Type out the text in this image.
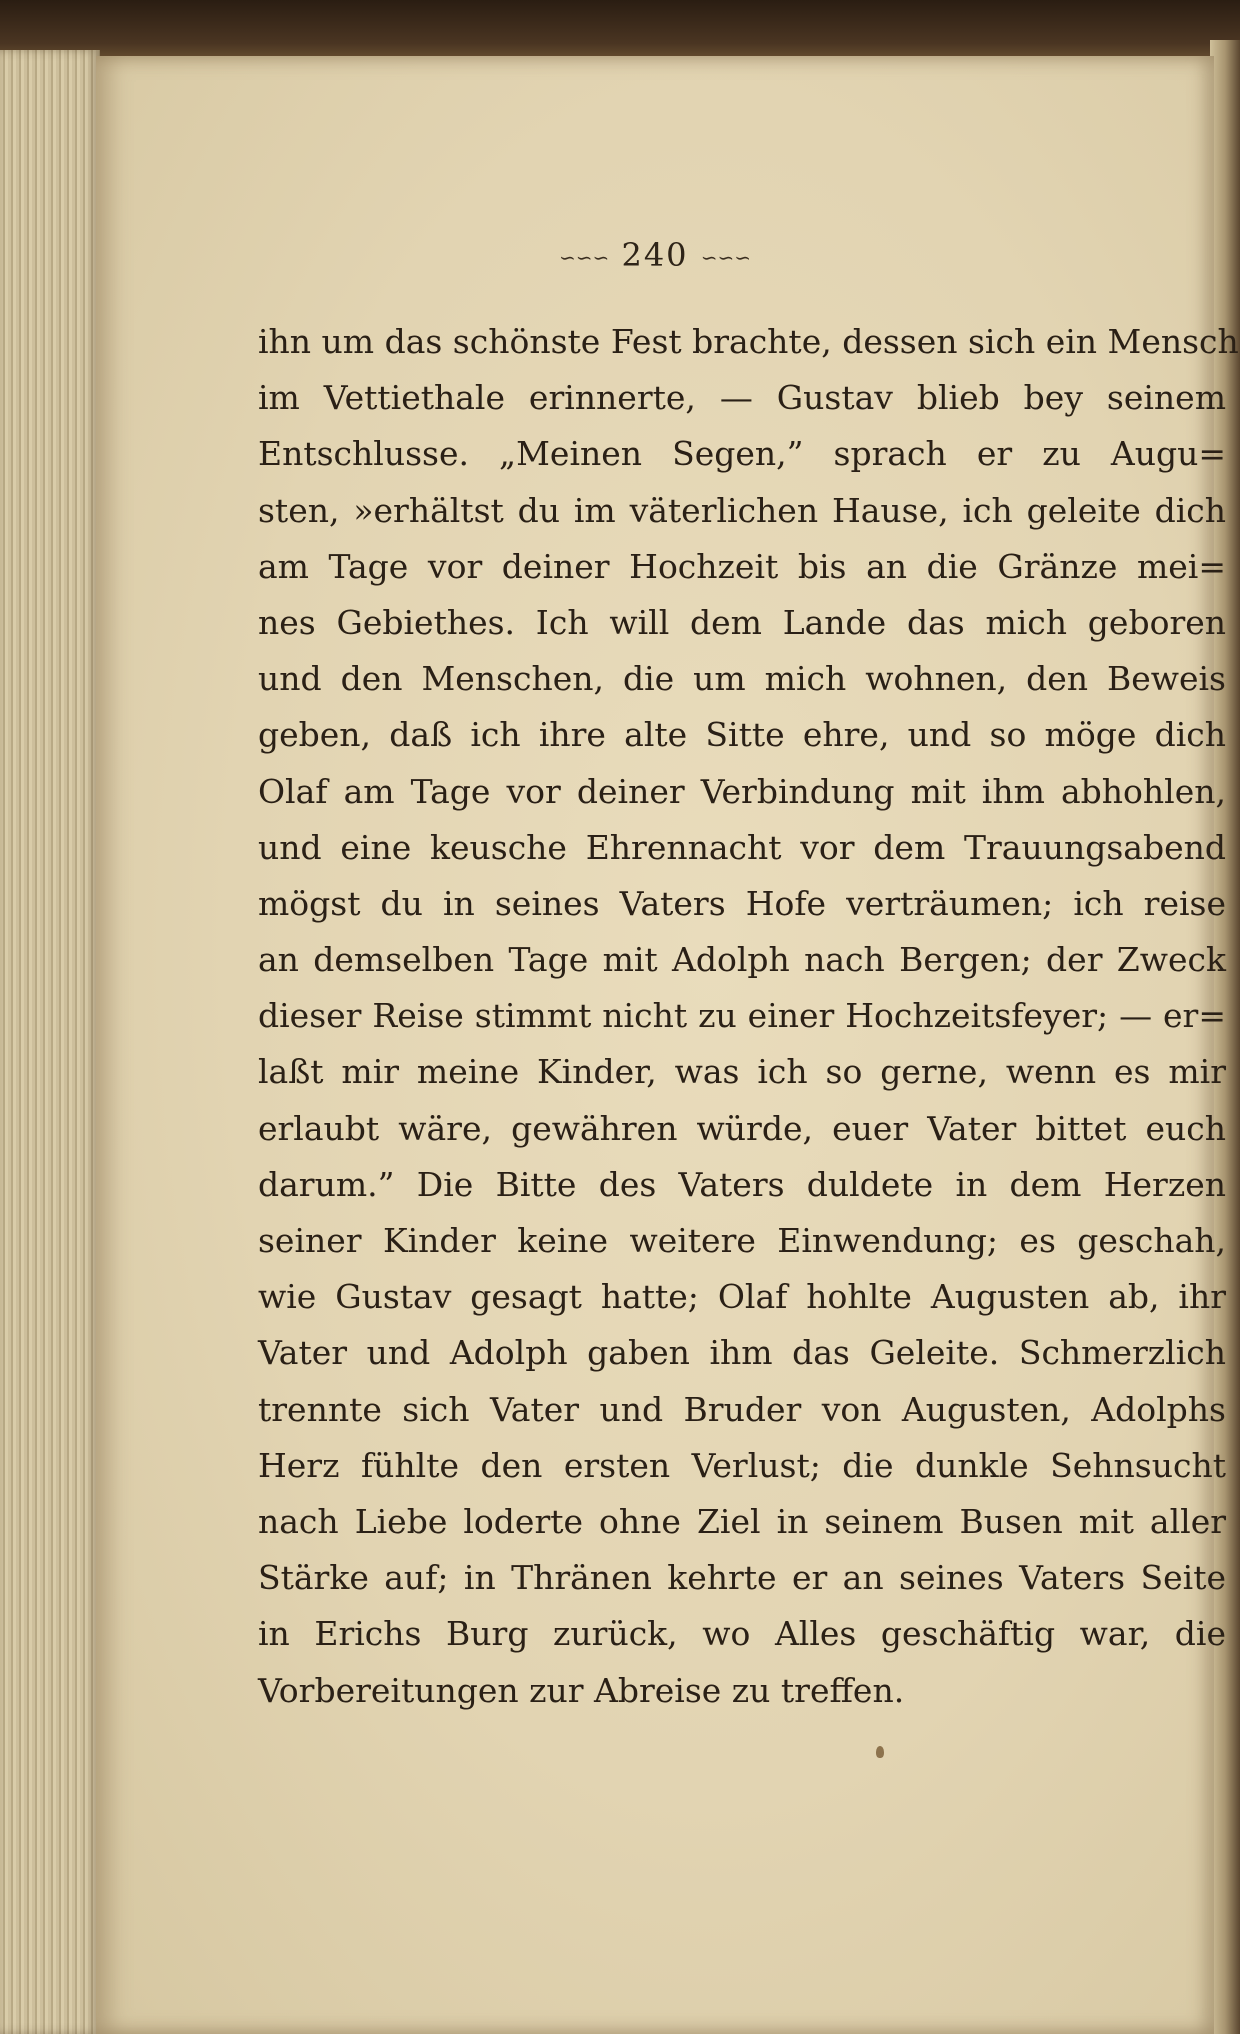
∽∽∽ 240 ∽∽∽
ihn um das schönste Fest brachte, dessen sich ein Mensch
im Vettiethale erinnerte, — Gustav blieb bey seinem
Entschlusse. „Meinen Segen,” sprach er zu Augu=
sten, »erhältst du im väterlichen Hause, ich geleite dich
am Tage vor deiner Hochzeit bis an die Gränze mei=
nes Gebiethes. Ich will dem Lande das mich geboren
und den Menschen, die um mich wohnen, den Beweis
geben, daß ich ihre alte Sitte ehre, und so möge dich
Olaf am Tage vor deiner Verbindung mit ihm abhohlen,
und eine keusche Ehrennacht vor dem Trauungsabend
mögst du in seines Vaters Hofe verträumen; ich reise
an demselben Tage mit Adolph nach Bergen; der Zweck
dieser Reise stimmt nicht zu einer Hochzeitsfeyer; — er=
laßt mir meine Kinder, was ich so gerne, wenn es mir
erlaubt wäre, gewähren würde, euer Vater bittet euch
darum.” Die Bitte des Vaters duldete in dem Herzen
seiner Kinder keine weitere Einwendung; es geschah,
wie Gustav gesagt hatte; Olaf hohlte Augusten ab, ihr
Vater und Adolph gaben ihm das Geleite. Schmerzlich
trennte sich Vater und Bruder von Augusten, Adolphs
Herz fühlte den ersten Verlust; die dunkle Sehnsucht
nach Liebe loderte ohne Ziel in seinem Busen mit aller
Stärke auf; in Thränen kehrte er an seines Vaters Seite
in Erichs Burg zurück, wo Alles geschäftig war, die
Vorbereitungen zur Abreise zu treffen.
